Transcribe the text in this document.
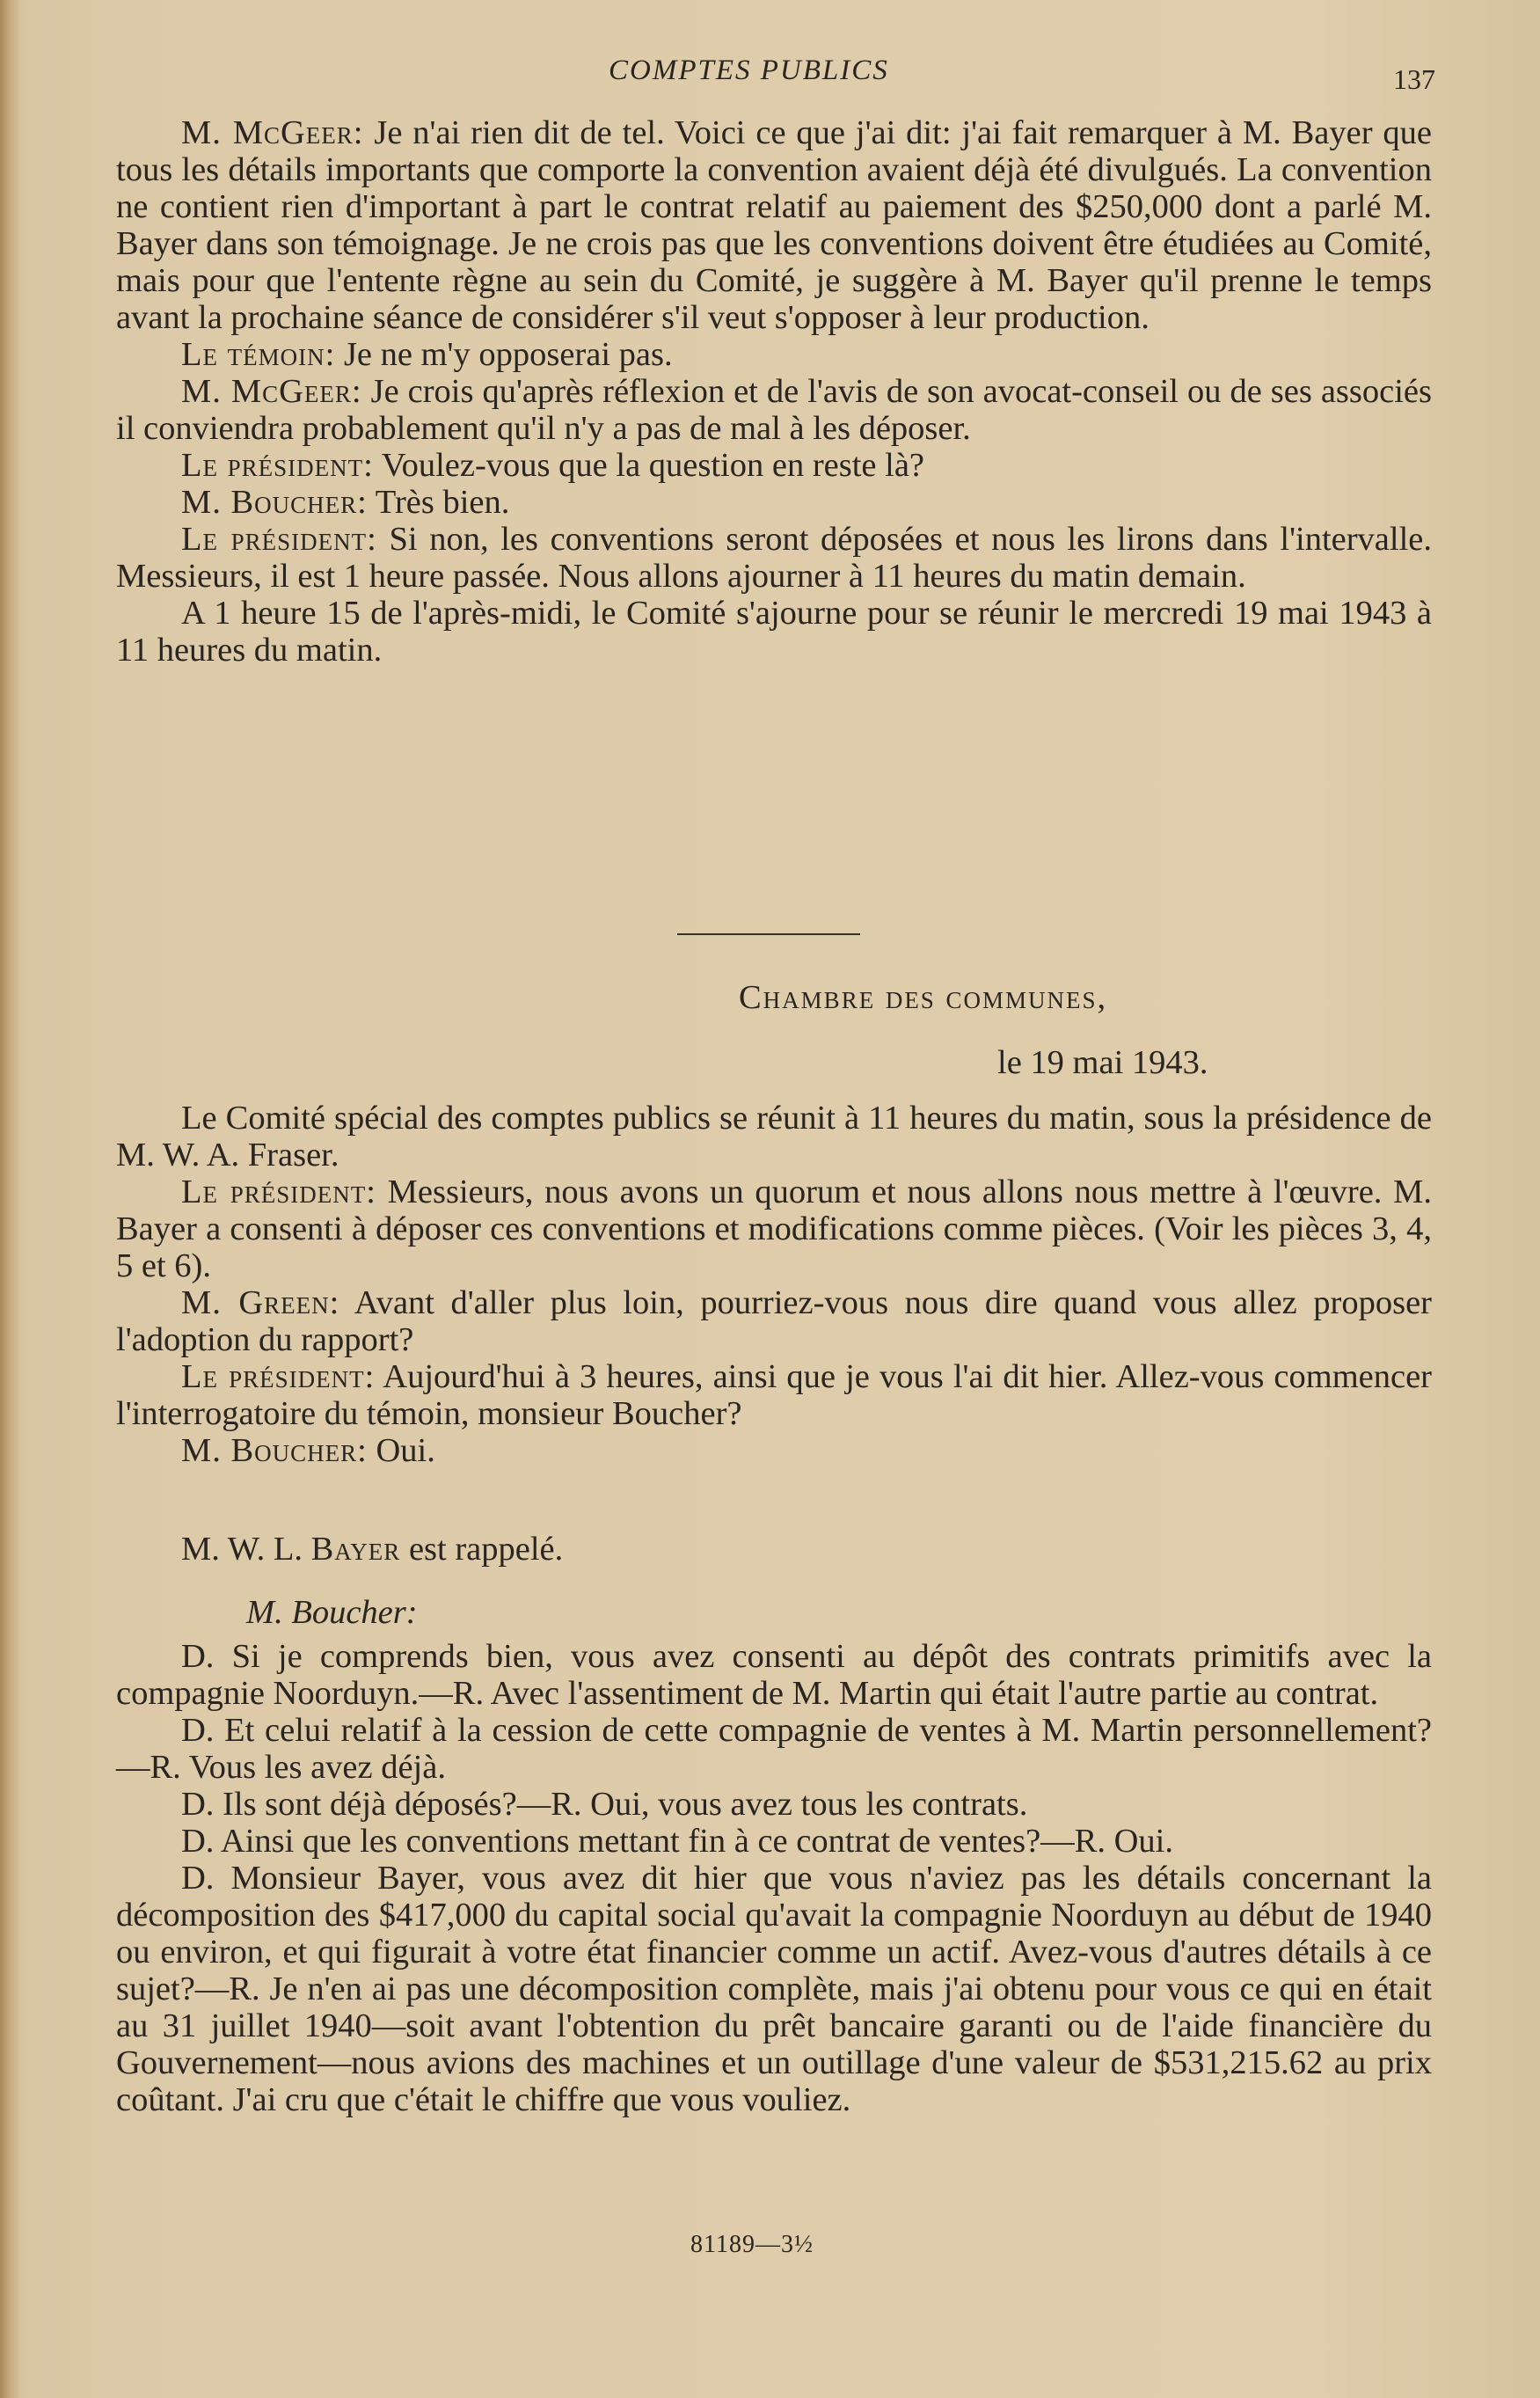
COMPTES PUBLICS	137

M. McGeer: Je n'ai rien dit de tel. Voici ce que j'ai dit: j'ai fait remarquer à M. Bayer que tous les détails importants que comporte la convention avaient déjà été divulgués. La convention ne contient rien d'important à part le contrat relatif au paiement des $250,000 dont a parlé M. Bayer dans son témoignage. Je ne crois pas que les conventions doivent être étudiées au Comité, mais pour que l'entente règne au sein du Comité, je suggère à M. Bayer qu'il prenne le temps avant la prochaine séance de considérer s'il veut s'opposer à leur production.

Le témoin: Je ne m'y opposerai pas.

M. McGeer: Je crois qu'après réflexion et de l'avis de son avocat-conseil ou de ses associés il conviendra probablement qu'il n'y a pas de mal à les déposer.

Le président: Voulez-vous que la question en reste là?

M. Boucher: Très bien.

Le président: Si non, les conventions seront déposées et nous les lirons dans l'intervalle. Messieurs, il est 1 heure passée. Nous allons ajourner à 11 heures du matin demain.

A 1 heure 15 de l'après-midi, le Comité s'ajourne pour se réunir le mercredi 19 mai 1943 à 11 heures du matin.

Chambre des communes,
le 19 mai 1943.

Le Comité spécial des comptes publics se réunit à 11 heures du matin, sous la présidence de M. W. A. Fraser.

Le président: Messieurs, nous avons un quorum et nous allons nous mettre à l'œuvre. M. Bayer a consenti à déposer ces conventions et modifications comme pièces. (Voir les pièces 3, 4, 5 et 6).

M. Green: Avant d'aller plus loin, pourriez-vous nous dire quand vous allez proposer l'adoption du rapport?

Le président: Aujourd'hui à 3 heures, ainsi que je vous l'ai dit hier. Allez-vous commencer l'interrogatoire du témoin, monsieur Boucher?

M. Boucher: Oui.

M. W. L. Bayer est rappelé.

M. Boucher:

D. Si je comprends bien, vous avez consenti au dépôt des contrats primitifs avec la compagnie Noorduyn.—R. Avec l'assentiment de M. Martin qui était l'autre partie au contrat.

D. Et celui relatif à la cession de cette compagnie de ventes à M. Martin personnellement?—R. Vous les avez déjà.

D. Ils sont déjà déposés?—R. Oui, vous avez tous les contrats.

D. Ainsi que les conventions mettant fin à ce contrat de ventes?—R. Oui.

D. Monsieur Bayer, vous avez dit hier que vous n'aviez pas les détails concernant la décomposition des $417,000 du capital social qu'avait la compagnie Noorduyn au début de 1940 ou environ, et qui figurait à votre état financier comme un actif. Avez-vous d'autres détails à ce sujet?—R. Je n'en ai pas une décomposition complète, mais j'ai obtenu pour vous ce qui en était au 31 juillet 1940—soit avant l'obtention du prêt bancaire garanti ou de l'aide financière du Gouvernement—nous avions des machines et un outillage d'une valeur de $531,215.62 au prix coûtant. J'ai cru que c'était le chiffre que vous vouliez.

81189—3½
